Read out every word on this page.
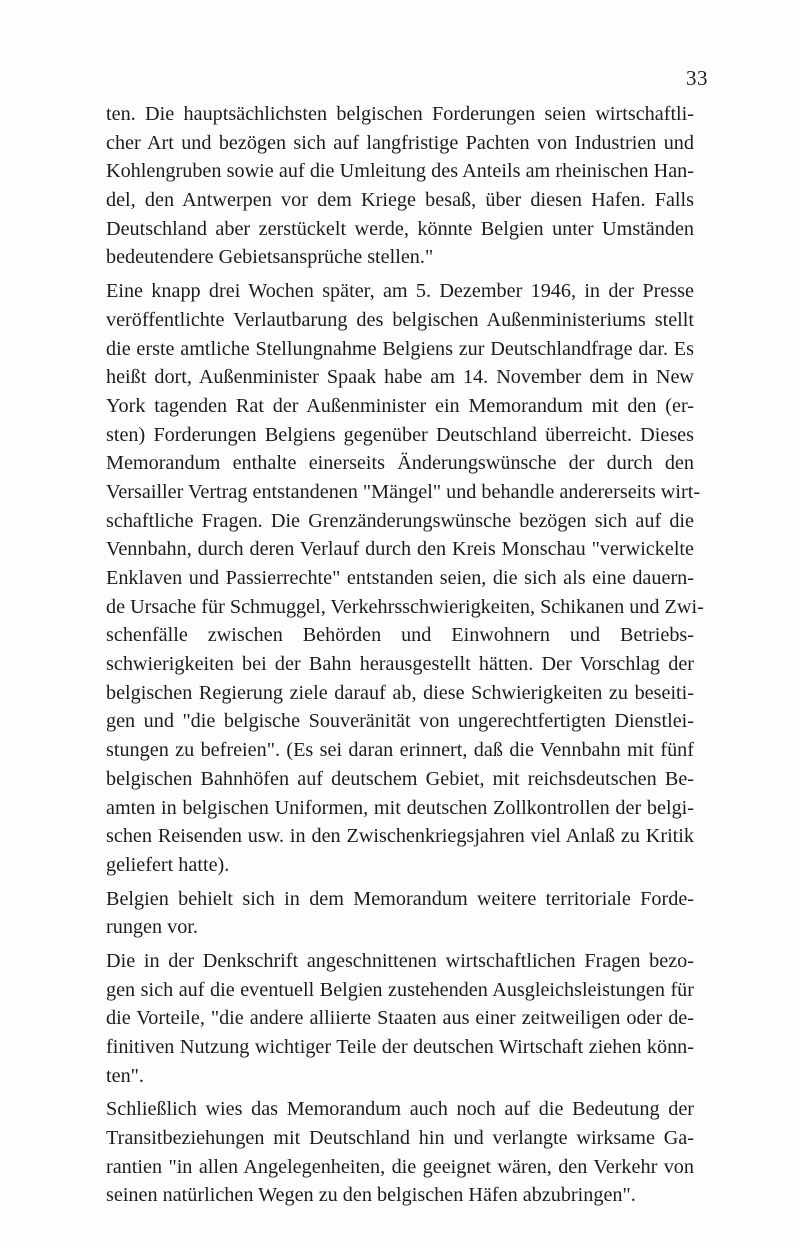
33
ten. Die hauptsächlichsten belgischen Forderungen seien wirtschaftli-
cher Art und bezögen sich auf langfristige Pachten von Industrien und
Kohlengruben sowie auf die Umleitung des Anteils am rheinischen Han-
del, den Antwerpen vor dem Kriege besaß, über diesen Hafen. Falls
Deutschland aber zerstückelt werde, könnte Belgien unter Umständen
bedeutendere Gebietsansprüche stellen."
Eine knapp drei Wochen später, am 5. Dezember 1946, in der Presse
veröffentlichte Verlautbarung des belgischen Außenministeriums stellt
die erste amtliche Stellungnahme Belgiens zur Deutschlandfrage dar. Es
heißt dort, Außenminister Spaak habe am 14. November dem in New
York tagenden Rat der Außenminister ein Memorandum mit den (er-
sten) Forderungen Belgiens gegenüber Deutschland überreicht. Dieses
Memorandum enthalte einerseits Änderungswünsche der durch den
Versailler Vertrag entstandenen "Mängel" und behandle andererseits wirt-
schaftliche Fragen. Die Grenzänderungswünsche bezögen sich auf die
Vennbahn, durch deren Verlauf durch den Kreis Monschau "verwickelte
Enklaven und Passierrechte" entstanden seien, die sich als eine dauern-
de Ursache für Schmuggel, Verkehrsschwierigkeiten, Schikanen und Zwi-
schenfälle zwischen Behörden und Einwohnern und Betriebs-
schwierigkeiten bei der Bahn herausgestellt hätten. Der Vorschlag der
belgischen Regierung ziele darauf ab, diese Schwierigkeiten zu beseiti-
gen und "die belgische Souveränität von ungerechtfertigten Dienstlei-
stungen zu befreien". (Es sei daran erinnert, daß die Vennbahn mit fünf
belgischen Bahnhöfen auf deutschem Gebiet, mit reichsdeutschen Be-
amten in belgischen Uniformen, mit deutschen Zollkontrollen der belgi-
schen Reisenden usw. in den Zwischenkriegsjahren viel Anlaß zu Kritik
geliefert hatte).
Belgien behielt sich in dem Memorandum weitere territoriale Forde-
rungen vor.
Die in der Denkschrift angeschnittenen wirtschaftlichen Fragen bezo-
gen sich auf die eventuell Belgien zustehenden Ausgleichsleistungen für
die Vorteile, "die andere alliierte Staaten aus einer zeitweiligen oder de-
finitiven Nutzung wichtiger Teile der deutschen Wirtschaft ziehen könn-
ten".
Schließlich wies das Memorandum auch noch auf die Bedeutung der
Transitbeziehungen mit Deutschland hin und verlangte wirksame Ga-
rantien "in allen Angelegenheiten, die geeignet wären, den Verkehr von
seinen natürlichen Wegen zu den belgischen Häfen abzubringen".
